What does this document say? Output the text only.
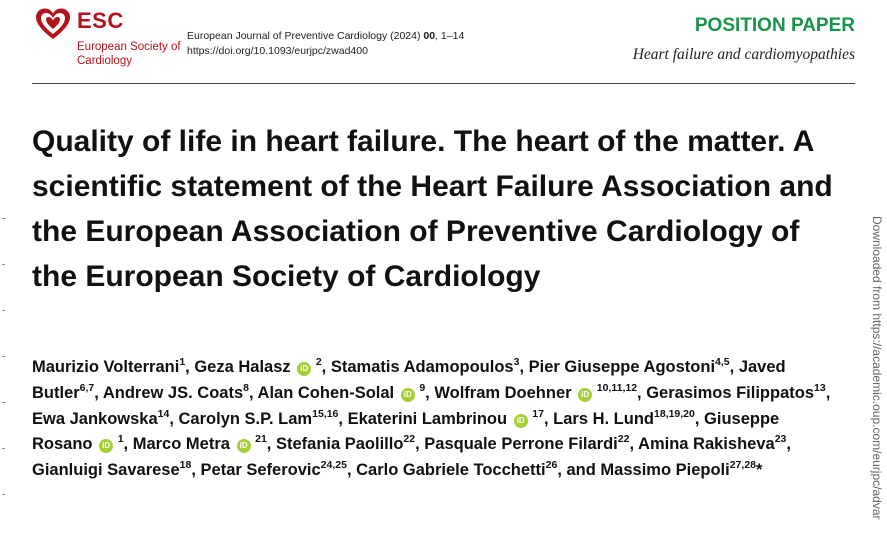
ESC
European Society of Cardiology
European Journal of Preventive Cardiology (2024) 00, 1–14
https://doi.org/10.1093/eurjpc/zwad400
POSITION PAPER
Heart failure and cardiomyopathies
Quality of life in heart failure. The heart of the matter. A scientific statement of the Heart Failure Association and the European Association of Preventive Cardiology of the European Society of Cardiology
Maurizio Volterrani$^1$, Geza Halasz iD $^2$, Stamatis Adamopoulos$^3$, Pier Giuseppe Agostoni$^{4,5}$, Javed Butler$^{6,7}$, Andrew JS. Coats$^8$, Alan Cohen-Solal iD $^9$, Wolfram Doehner iD $^{10,11,12}$, Gerasimos Filippatos$^{13}$, Ewa Jankowska$^{14}$, Carolyn S.P. Lam$^{15,16}$, Ekaterini Lambrinou iD $^{17}$, Lars H. Lund$^{18,19,20}$, Giuseppe Rosano iD $^1$, Marco Metra iD $^{21}$, Stefania Paolillo$^{22}$, Pasquale Perrone Filardi$^{22}$, Amina Rakisheva$^{23}$, Gianluigi Savarese$^{18}$, Petar Seferovic$^{24,25}$, Carlo Gabriele Tocchetti$^{26}$, and Massimo Piepoli$^{27,28}$*	Downloaded from https://academic.oup.com/eurjpc/advar
